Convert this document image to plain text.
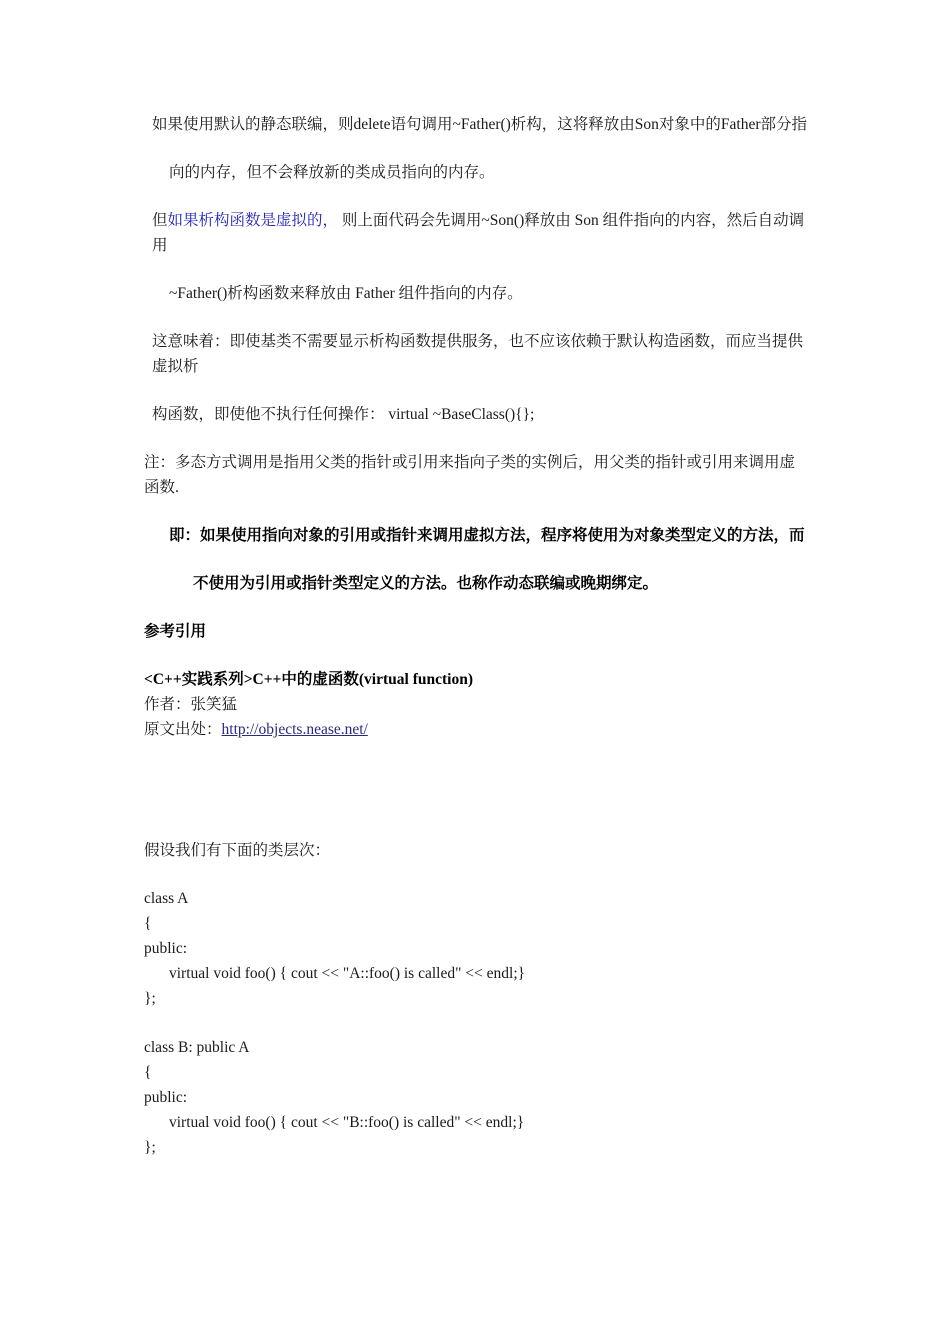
如果使用默认的静态联编，则delete语句调用~Father()析构，这将释放由Son对象中的Father部分指

向的内存，但不会释放新的类成员指向的内存。

但如果析构函数是虚拟的， 则上面代码会先调用~Son()释放由 Son 组件指向的内容，然后自动调用

~Father()析构函数来释放由 Father 组件指向的内存。

这意味着：即使基类不需要显示析构函数提供服务，也不应该依赖于默认构造函数，而应当提供虚拟析

构函数，即使他不执行任何操作： virtual ~BaseClass(){};

注：多态方式调用是指用父类的指针或引用来指向子类的实例后，用父类的指针或引用来调用虚函数.

即：如果使用指向对象的引用或指针来调用虚拟方法，程序将使用为对象类型定义的方法，而

不使用为引用或指针类型定义的方法。也称作动态联编或晚期绑定。

参考引用

<C++实践系列>C++中的虚函数(virtual function)

作者：张笑猛

原文出处：http://objects.nease.net/

假设我们有下面的类层次：

class A

{

public:

virtual void foo() { cout << "A::foo() is called" << endl;}

};

class B: public A

{

public:

virtual void foo() { cout << "B::foo() is called" << endl;}

};
